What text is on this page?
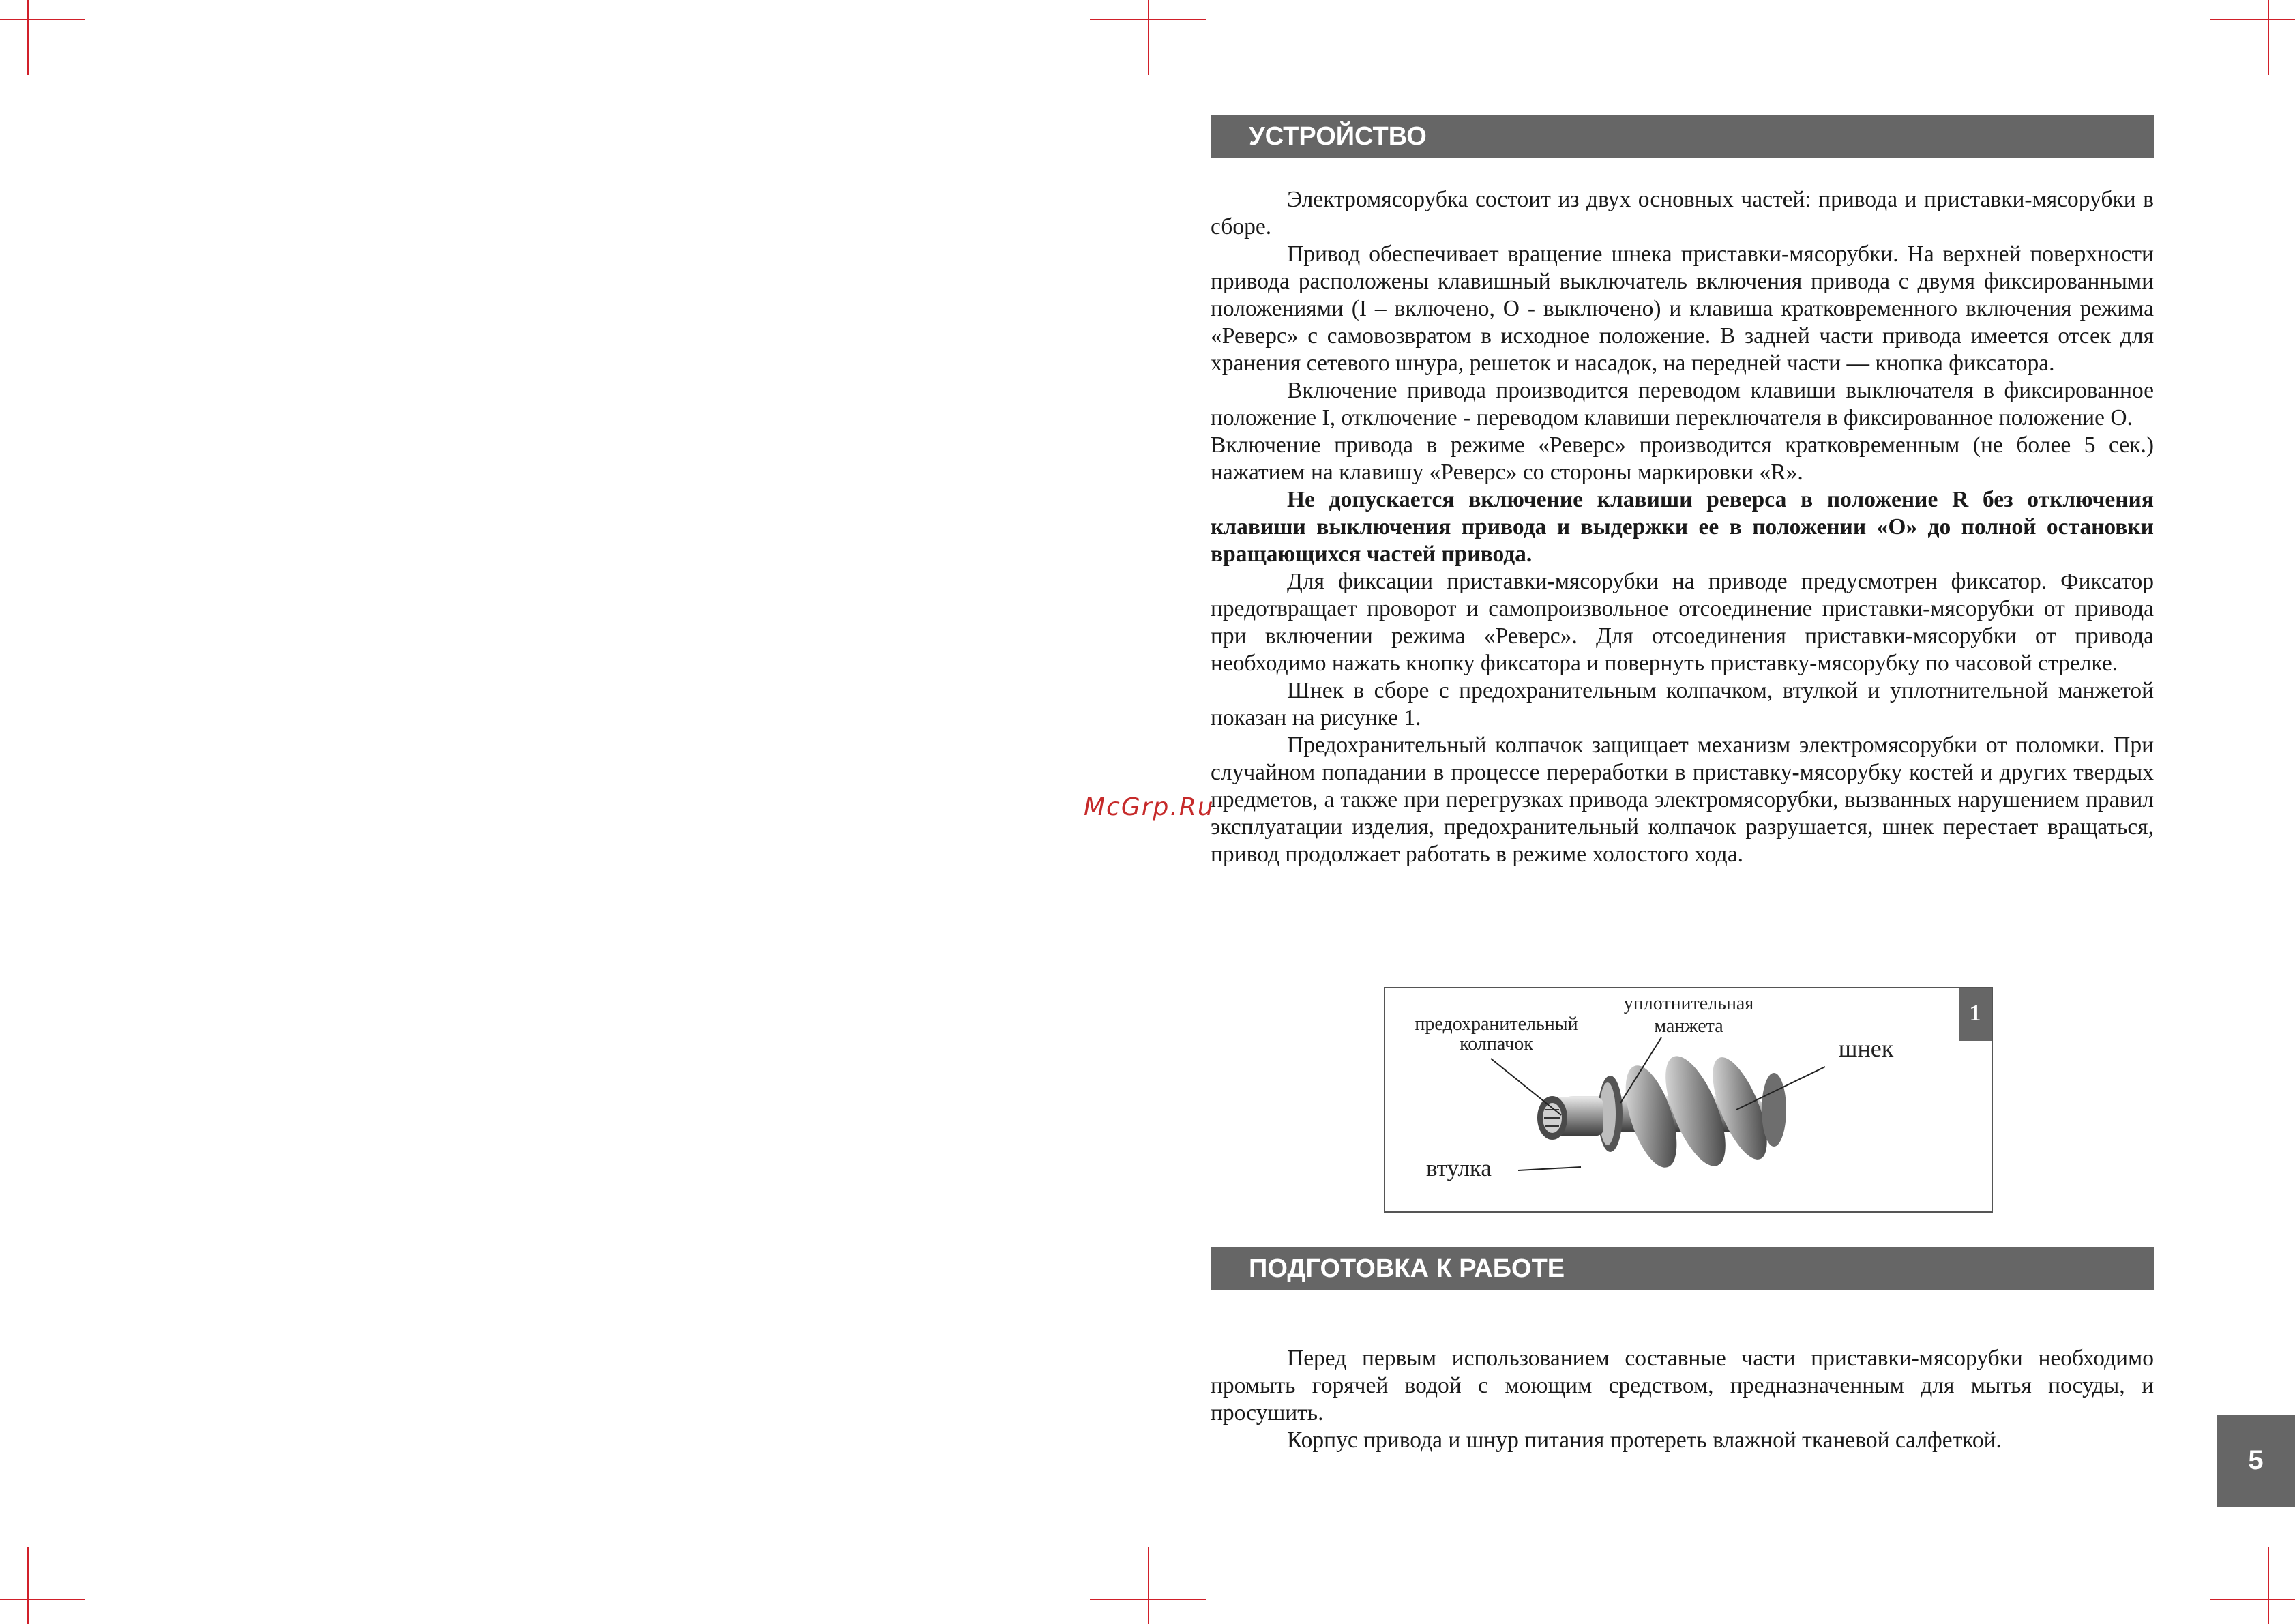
McGrp.Ru
УСТРОЙСТВО

Электромясорубка состоит из двух основных частей: привода и приставки-мясорубки в сборе.

Привод обеспечивает вращение шнека приставки-мясорубки. На верхней поверхности привода расположены клавишный выключатель включения привода с двумя фиксированными положениями (I – включено, O - выключено) и клавиша кратковременного включения режима «Реверс» с самовозвратом в исходное положение. В задней части привода имеется отсек для хранения сетевого шнура, решеток и насадок, на передней части — кнопка фиксатора.

Включение привода производится переводом клавиши выключателя в фиксированное положение I, отключение - переводом клавиши переключателя в фиксированное положение O.

Включение привода в режиме «Реверс» производится кратковременным (не более 5 сек.) нажатием на клавишу «Реверс» со стороны маркировки «R».

Не допускается включение клавиши реверса в положение R без отключения клавиши выключения привода и выдержки ее в положении «O» до полной остановки вращающихся частей привода.

Для фиксации приставки-мясорубки на приводе предусмотрен фиксатор. Фиксатор предотвращает проворот и самопроизвольное отсоединение приставки-мясорубки от привода при включении режима «Реверс». Для отсоединения приставки-мясорубки от привода необходимо нажать кнопку фиксатора и повернуть приставку-мясорубку по часовой стрелке.

Шнек в сборе с предохранительным колпачком, втулкой и уплотнительной манжетой показан на рисунке 1.

Предохранительный колпачок защищает механизм электромясорубки от поломки. При случайном попадании в процессе переработки в приставку-мясорубку костей и других твердых предметов, а также при перегрузках привода электромясорубки, вызванных нарушением правил эксплуатации изделия, предохранительный колпачок разрушается, шнек перестает вращаться, привод продолжает работать в режиме холостого хода.

1
предохранительный колпачок
уплотнительная манжета
шнек
втулка
ПОДГОТОВКА К РАБОТЕ

Перед первым использованием составные части приставки-мясорубки необходимо промыть горячей водой с моющим средством, предназначенным для мытья посуды, и просушить.

Корпус привода и шнур питания протереть влажной тканевой салфеткой.

5
